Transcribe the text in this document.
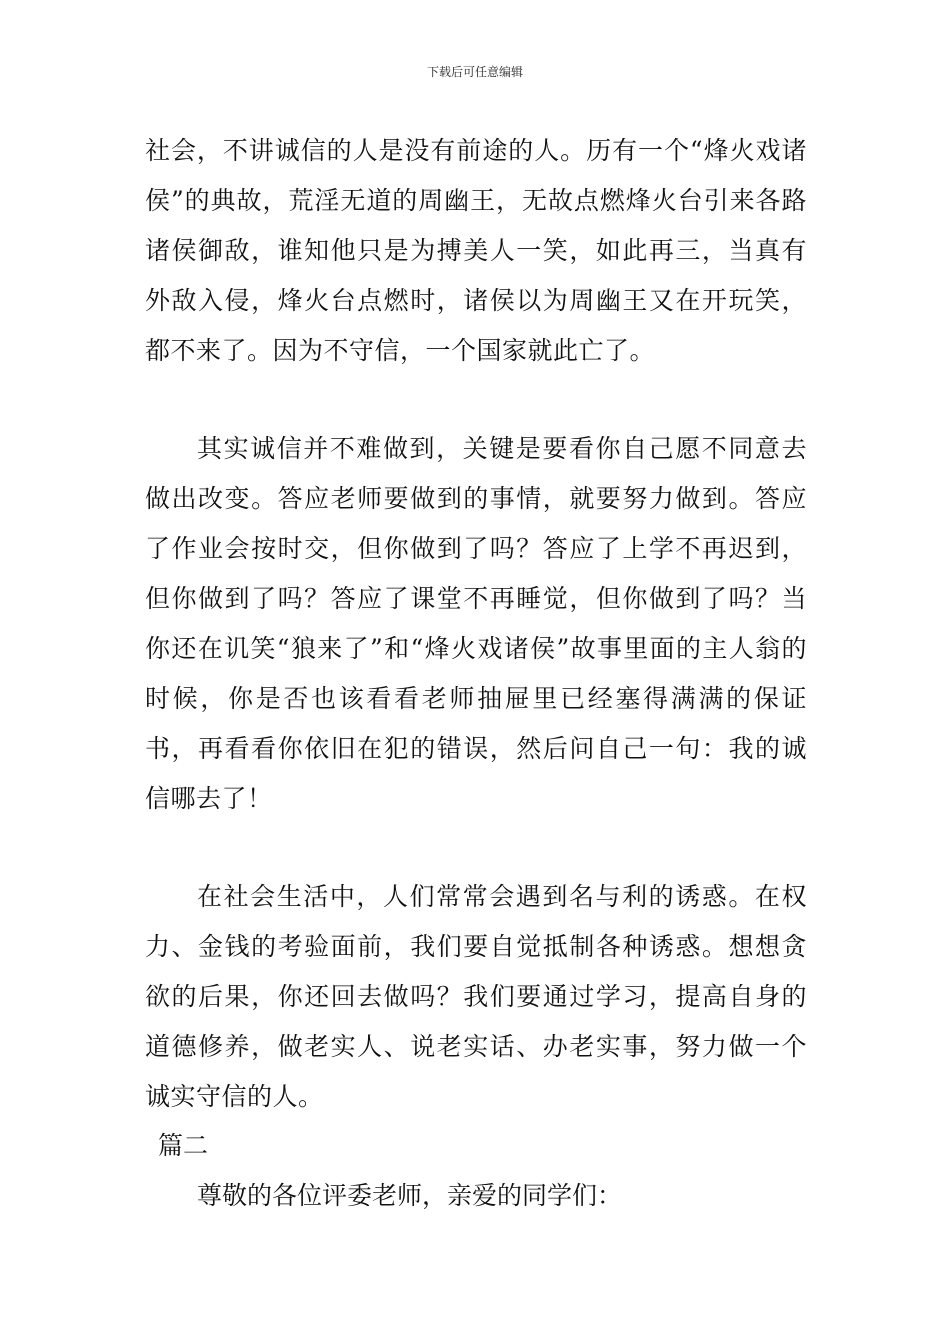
下载后可任意编辑

社会，不讲诚信的人是没有前途的人。历有一个“烽火戏诸侯”的典故，荒淫无道的周幽王，无故点燃烽火台引来各路诸侯御敌，谁知他只是为搏美人一笑，如此再三，当真有外敌入侵，烽火台点燃时，诸侯以为周幽王又在开玩笑，都不来了。因为不守信，一个国家就此亡了。

其实诚信并不难做到，关键是要看你自己愿不同意去做出改变。答应老师要做到的事情，就要努力做到。答应了作业会按时交，但你做到了吗？答应了上学不再迟到，但你做到了吗？答应了课堂不再睡觉，但你做到了吗？当你还在讥笑“狼来了”和“烽火戏诸侯”故事里面的主人翁的时候，你是否也该看看老师抽屉里已经塞得满满的保证书，再看看你依旧在犯的错误，然后问自己一句：我的诚信哪去了！

在社会生活中，人们常常会遇到名与利的诱惑。在权力、金钱的考验面前，我们要自觉抵制各种诱惑。想想贪欲的后果，你还回去做吗？我们要通过学习，提高自身的道德修养，做老实人、说老实话、办老实事，努力做一个诚实守信的人。

篇二
尊敬的各位评委老师，亲爱的同学们：
